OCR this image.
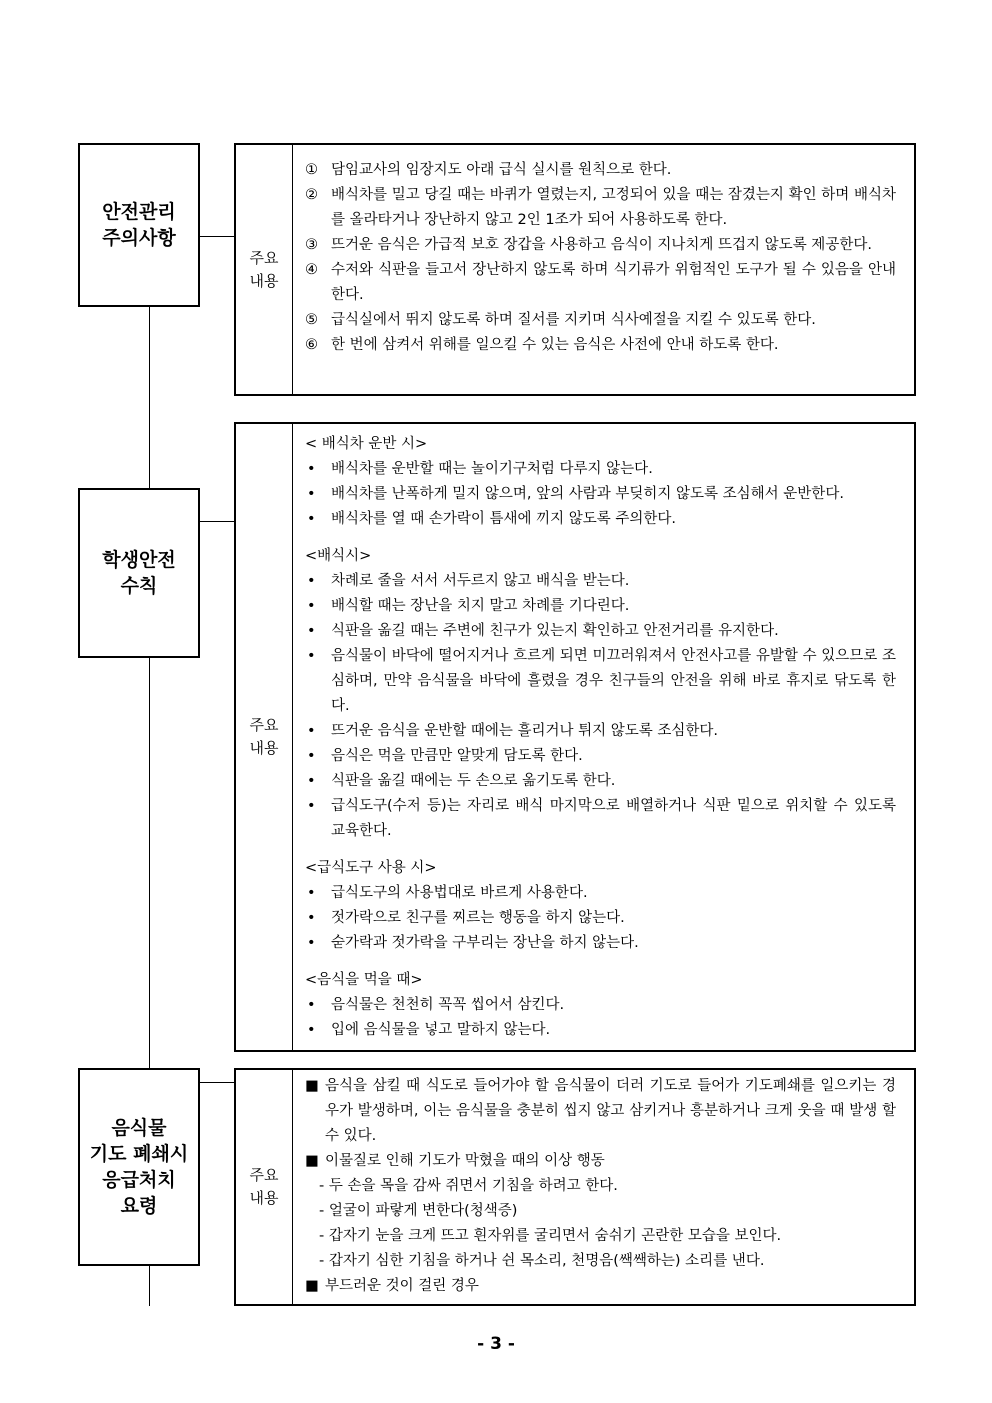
안전관리
주의사항
주요
내용
① 담임교사의 임장지도 아래 급식 실시를 원칙으로 한다.
② 배식차를 밀고 당길 때는 바퀴가 열렸는지, 고정되어 있을 때는 잠겼는지 확인 하며 배식차를 올라타거나 장난하지 않고 2인 1조가 되어 사용하도록 한다.
③ 뜨거운 음식은 가급적 보호 장갑을 사용하고 음식이 지나치게 뜨겁지 않도록 제공한다.
④ 수저와 식판을 들고서 장난하지 않도록 하며 식기류가 위험적인 도구가 될 수 있음을 안내한다.
⑤ 급식실에서 뛰지 않도록 하며 질서를 지키며 식사예절을 지킬 수 있도록 한다.
⑥ 한 번에 삼켜서 위해를 일으킬 수 있는 음식은 사전에 안내 하도록 한다.
학생안전
수칙
주요
내용
< 배식차 운반 시>
•	배식차를 운반할 때는 놀이기구처럼 다루지 않는다.
•	배식차를 난폭하게 밀지 않으며, 앞의 사람과 부딪히지 않도록 조심해서 운반한다.
•	배식차를 열 때 손가락이 틈새에 끼지 않도록 주의한다.
<배식시>
•	차례로 줄을 서서 서두르지 않고 배식을 받는다.
•	배식할 때는 장난을 치지 말고 차례를 기다린다.
•	식판을 옮길 때는 주변에 친구가 있는지 확인하고 안전거리를 유지한다.
•	음식물이 바닥에 떨어지거나 흐르게 되면 미끄러워져서 안전사고를 유발할 수 있으므로 조심하며, 만약 음식물을 바닥에 흘렸을 경우 친구들의 안전을 위해 바로 휴지로 닦도록 한다.
•	뜨거운 음식을 운반할 때에는 흘리거나 튀지 않도록 조심한다.
•	음식은 먹을 만큼만 알맞게 담도록 한다.
•	식판을 옮길 때에는 두 손으로 옮기도록 한다.
•	급식도구(수저 등)는 자리로 배식 마지막으로 배열하거나 식판 밑으로 위치할 수 있도록 교육한다.
<급식도구 사용 시>
•	급식도구의 사용법대로 바르게 사용한다.
•	젓가락으로 친구를 찌르는 행동을 하지 않는다.
•	숟가락과 젓가락을 구부리는 장난을 하지 않는다.
<음식을 먹을 때>
•	음식물은 천천히 꼭꼭 씹어서 삼킨다.
•	입에 음식물을 넣고 말하지 않는다.
음식물
기도 폐쇄시
응급처치
요령
주요
내용
■ 음식을 삼킬 때 식도로 들어가야 할 음식물이 더러 기도로 들어가 기도폐쇄를 일으키는 경우가 발생하며, 이는 음식물을 충분히 씹지 않고 삼키거나 흥분하거나 크게 웃을 때 발생 할 수 있다.
■ 이물질로 인해 기도가 막혔을 때의 이상 행동
- 두 손을 목을 감싸 쥐면서 기침을 하려고 한다.
- 얼굴이 파랗게 변한다(청색증)
- 갑자기 눈을 크게 뜨고 흰자위를 굴리면서 숨쉬기 곤란한 모습을 보인다.
- 갑자기 심한 기침을 하거나 쉰 목소리, 천명음(쌕쌕하는) 소리를 낸다.
■ 부드러운 것이 걸린 경우
- 3 -
